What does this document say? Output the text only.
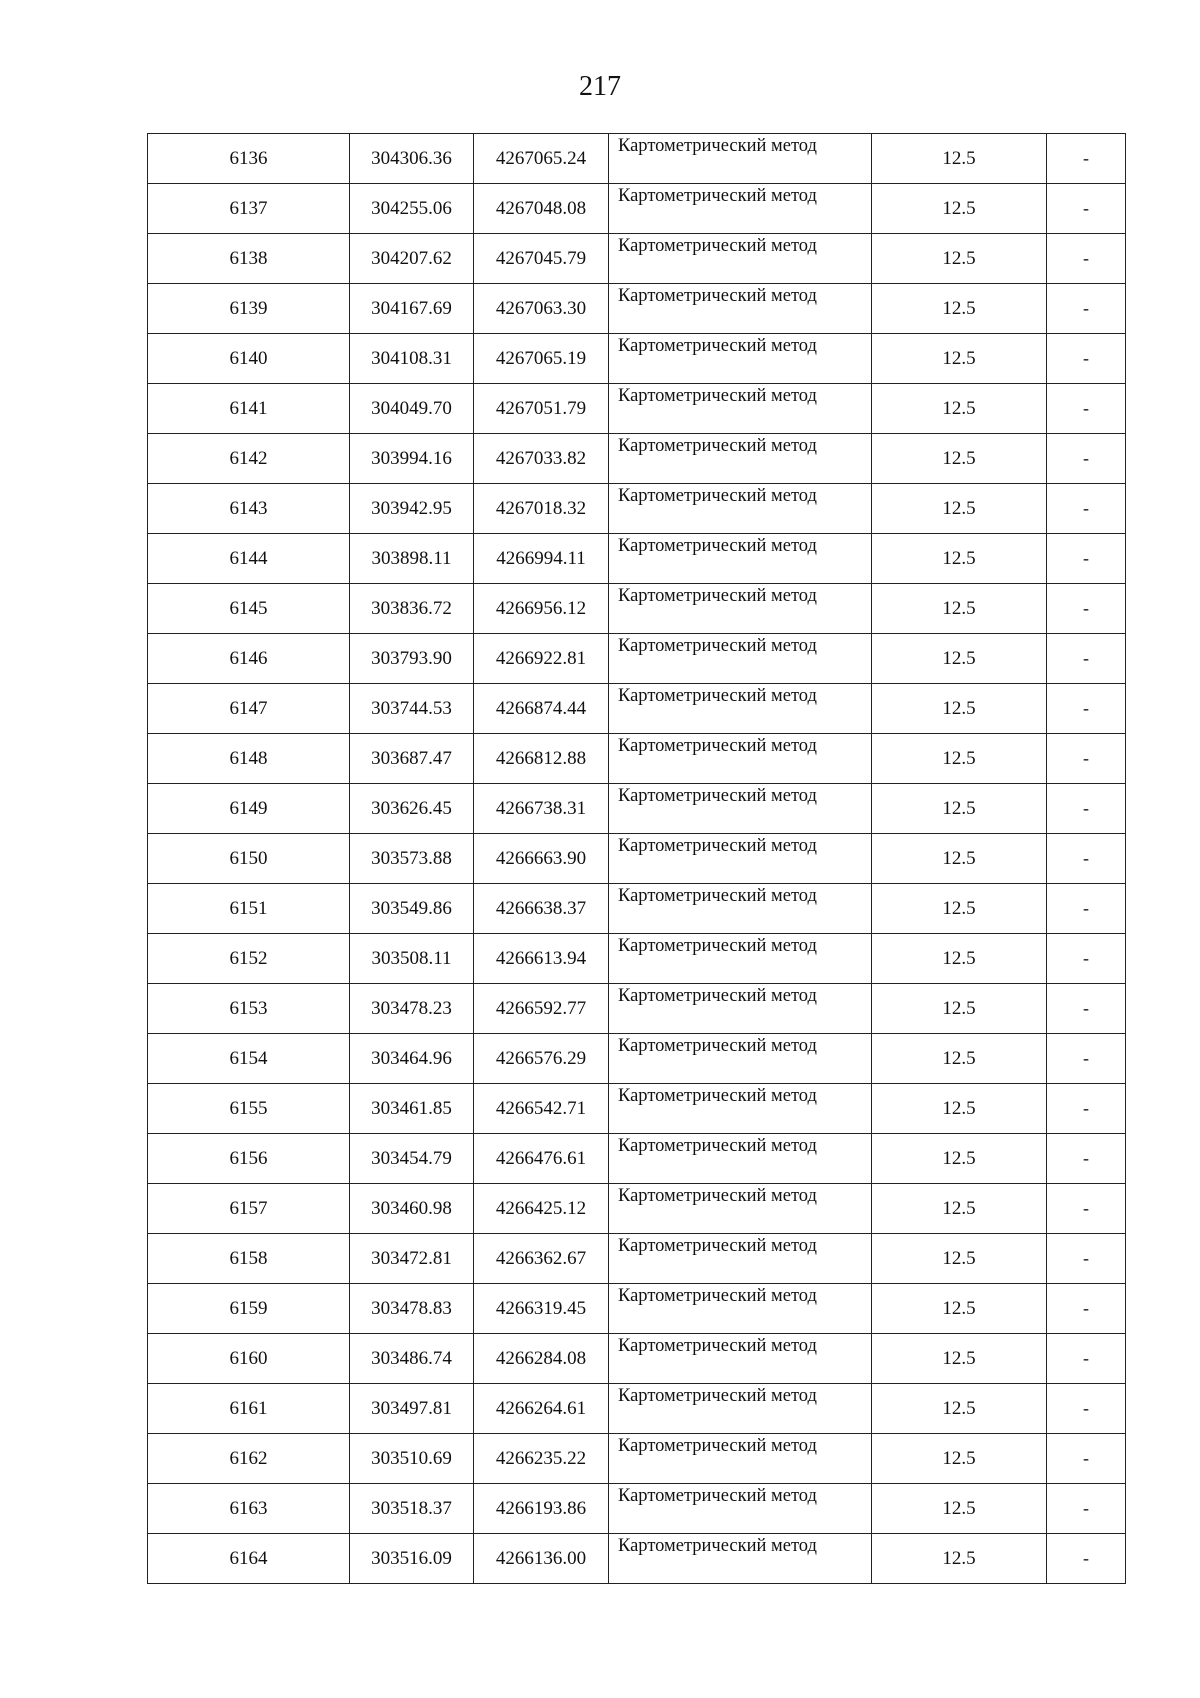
217
6136	304306.36	4267065.24	Картометрический метод	12.5	-
6137	304255.06	4267048.08	Картометрический метод	12.5	-
6138	304207.62	4267045.79	Картометрический метод	12.5	-
6139	304167.69	4267063.30	Картометрический метод	12.5	-
6140	304108.31	4267065.19	Картометрический метод	12.5	-
6141	304049.70	4267051.79	Картометрический метод	12.5	-
6142	303994.16	4267033.82	Картометрический метод	12.5	-
6143	303942.95	4267018.32	Картометрический метод	12.5	-
6144	303898.11	4266994.11	Картометрический метод	12.5	-
6145	303836.72	4266956.12	Картометрический метод	12.5	-
6146	303793.90	4266922.81	Картометрический метод	12.5	-
6147	303744.53	4266874.44	Картометрический метод	12.5	-
6148	303687.47	4266812.88	Картометрический метод	12.5	-
6149	303626.45	4266738.31	Картометрический метод	12.5	-
6150	303573.88	4266663.90	Картометрический метод	12.5	-
6151	303549.86	4266638.37	Картометрический метод	12.5	-
6152	303508.11	4266613.94	Картометрический метод	12.5	-
6153	303478.23	4266592.77	Картометрический метод	12.5	-
6154	303464.96	4266576.29	Картометрический метод	12.5	-
6155	303461.85	4266542.71	Картометрический метод	12.5	-
6156	303454.79	4266476.61	Картометрический метод	12.5	-
6157	303460.98	4266425.12	Картометрический метод	12.5	-
6158	303472.81	4266362.67	Картометрический метод	12.5	-
6159	303478.83	4266319.45	Картометрический метод	12.5	-
6160	303486.74	4266284.08	Картометрический метод	12.5	-
6161	303497.81	4266264.61	Картометрический метод	12.5	-
6162	303510.69	4266235.22	Картометрический метод	12.5	-
6163	303518.37	4266193.86	Картометрический метод	12.5	-
6164	303516.09	4266136.00	Картометрический метод	12.5	-
